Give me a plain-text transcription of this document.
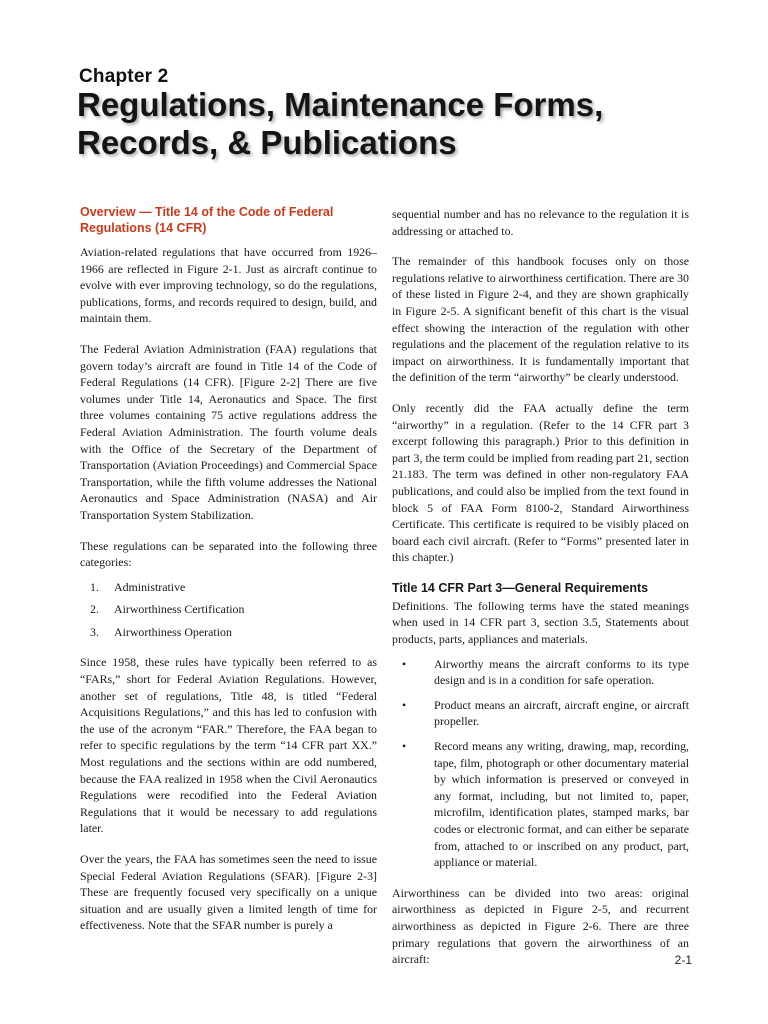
Chapter 2
Regulations, Maintenance Forms, Records, & Publications
Overview — Title 14 of the Code of Federal Regulations (14 CFR)

Aviation-related regulations that have occurred from 1926–1966 are reflected in Figure 2-1. Just as aircraft continue to evolve with ever improving technology, so do the regulations, publications, forms, and records required to design, build, and maintain them.

The Federal Aviation Administration (FAA) regulations that govern today’s aircraft are found in Title 14 of the Code of Federal Regulations (14 CFR). [Figure 2-2] There are five volumes under Title 14, Aeronautics and Space. The first three volumes containing 75 active regulations address the Federal Aviation Administration. The fourth volume deals with the Office of the Secretary of the Department of Transportation (Aviation Proceedings) and Commercial Space Transportation, while the fifth volume addresses the National Aeronautics and Space Administration (NASA) and Air Transportation System Stabilization.

These regulations can be separated into the following three categories:

1.	Administrative
2.	Airworthiness Certification
3.	Airworthiness Operation

Since 1958, these rules have typically been referred to as “FARs,” short for Federal Aviation Regulations. However, another set of regulations, Title 48, is titled “Federal Acquisitions Regulations,” and this has led to confusion with the use of the acronym “FAR.” Therefore, the FAA began to refer to specific regulations by the term “14 CFR part XX.” Most regulations and the sections within are odd numbered, because the FAA realized in 1958 when the Civil Aeronautics Regulations were recodified into the Federal Aviation Regulations that it would be necessary to add regulations later.

Over the years, the FAA has sometimes seen the need to issue Special Federal Aviation Regulations (SFAR). [Figure 2-3] These are frequently focused very specifically on a unique situation and are usually given a limited length of time for effectiveness. Note that the SFAR number is purely a

sequential number and has no relevance to the regulation it is addressing or attached to.

The remainder of this handbook focuses only on those regulations relative to airworthiness certification. There are 30 of these listed in Figure 2-4, and they are shown graphically in Figure 2-5. A significant benefit of this chart is the visual effect showing the interaction of the regulation with other regulations and the placement of the regulation relative to its impact on airworthiness. It is fundamentally important that the definition of the term “airworthy” be clearly understood.

Only recently did the FAA actually define the term “airworthy” in a regulation. (Refer to the 14 CFR part 3 excerpt following this paragraph.) Prior to this definition in part 3, the term could be implied from reading part 21, section 21.183. The term was defined in other non-regulatory FAA publications, and could also be implied from the text found in block 5 of FAA Form 8100-2, Standard Airworthiness Certificate. This certificate is required to be visibly placed on board each civil aircraft. (Refer to “Forms” presented later in this chapter.)

Title 14 CFR Part 3—General Requirements

Definitions. The following terms have the stated meanings when used in 14 CFR part 3, section 3.5, Statements about products, parts, appliances and materials.

•	Airworthy means the aircraft conforms to its type design and is in a condition for safe operation.
•	Product means an aircraft, aircraft engine, or aircraft propeller.
•	Record means any writing, drawing, map, recording, tape, film, photograph or other documentary material by which information is preserved or conveyed in any format, including, but not limited to, paper, microfilm, identification plates, stamped marks, bar codes or electronic format, and can either be separate from, attached to or inscribed on any product, part, appliance or material.

Airworthiness can be divided into two areas: original airworthiness as depicted in Figure 2-5, and recurrent airworthiness as depicted in Figure 2-6. There are three primary regulations that govern the airworthiness of an aircraft:	2-1
